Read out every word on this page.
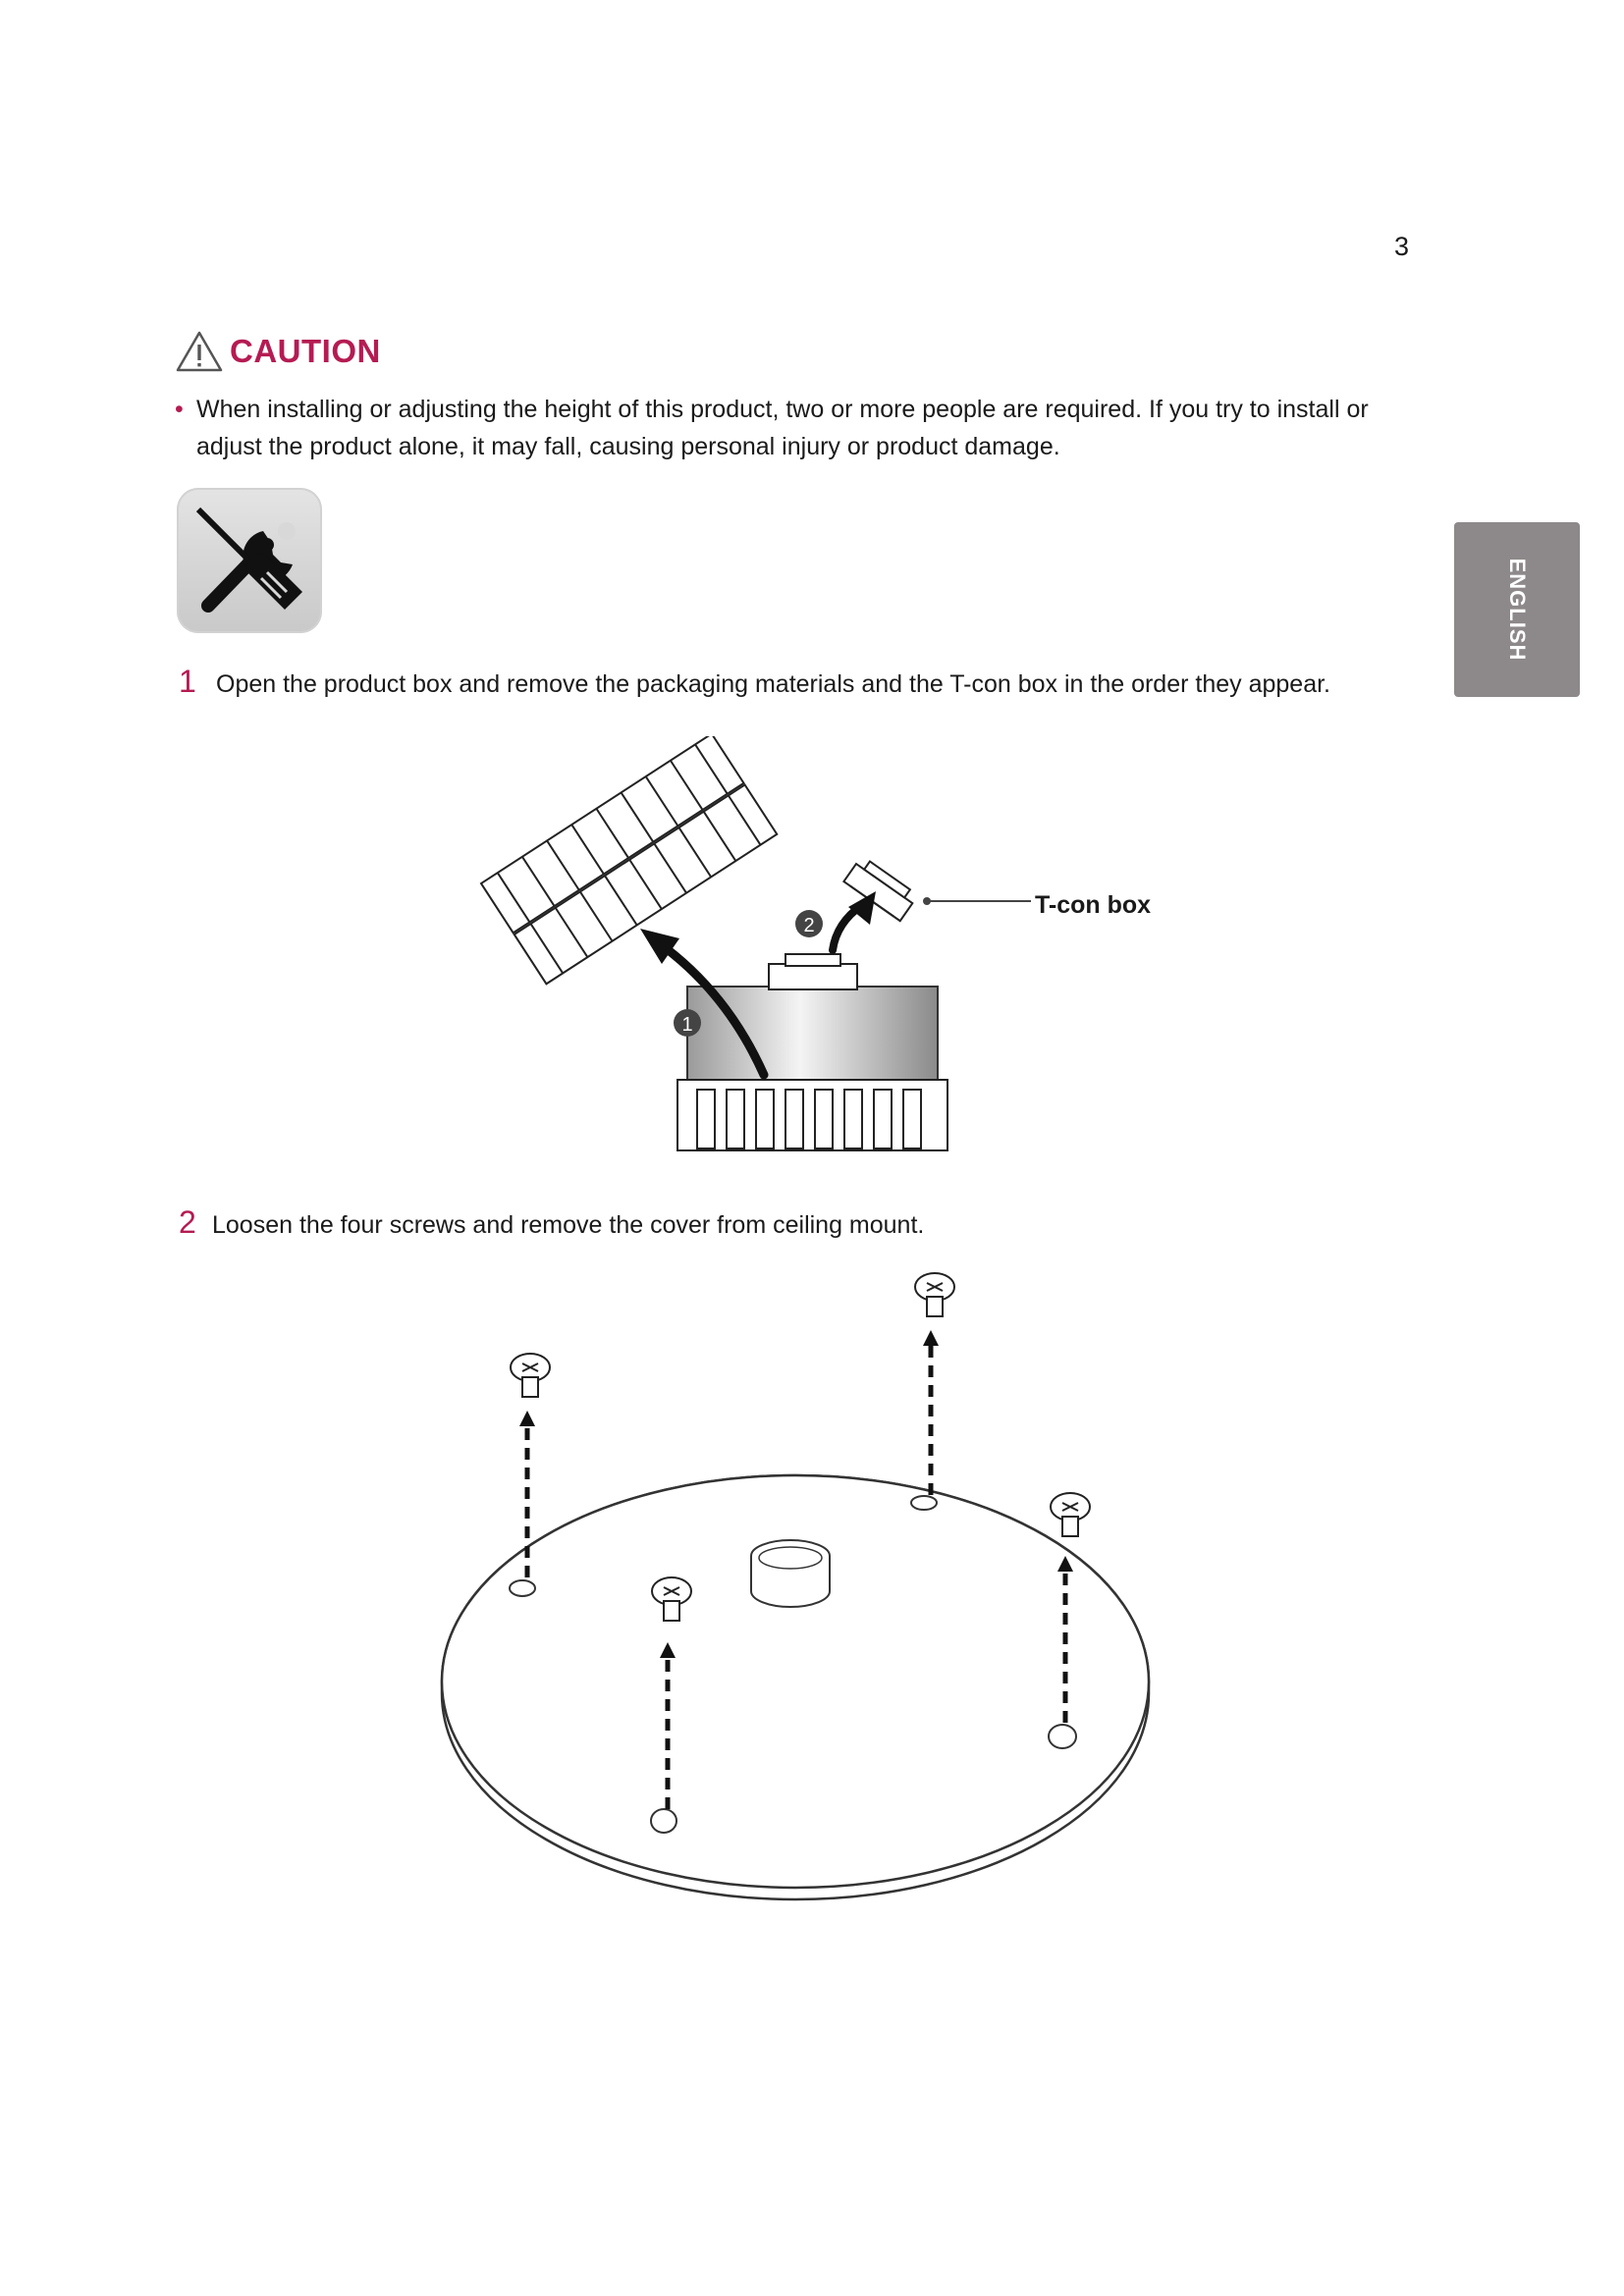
3
CAUTION
• When installing or adjusting the height of this product, two or more people are required. If you try to install or adjust the product alone, it may fall, causing personal injury or product damage.
ENGLISH
1 Open the product box and remove the packaging materials and the T-con box in the order they appear.
1
2
T-con box
2 Loosen the four screws and remove the cover from ceiling mount.
